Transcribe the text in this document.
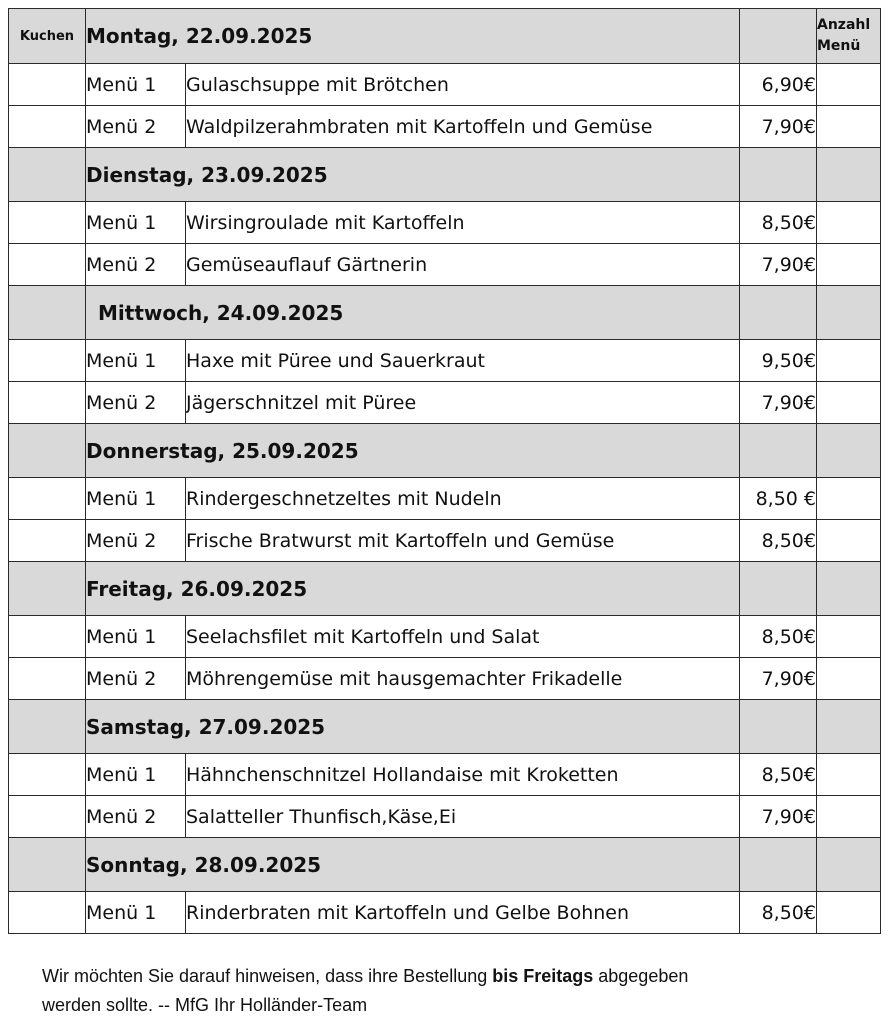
Kuchen	Montag, 22.09.2025			Anzahl
Menü
	Menü 1	Gulaschsuppe mit Brötchen	6,90€	
	Menü 2	Waldpilzerahmbraten mit Kartoffeln und Gemüse	7,90€	
	Dienstag, 23.09.2025			
	Menü 1	Wirsingroulade mit Kartoffeln	8,50€	
	Menü 2	Gemüseauflauf Gärtnerin	7,90€	
	Mittwoch, 24.09.2025			
	Menü 1	Haxe mit Püree und Sauerkraut	9,50€	
	Menü 2	Jägerschnitzel mit Püree	7,90€	
	Donnerstag, 25.09.2025			
	Menü 1	Rindergeschnetzeltes mit Nudeln	8,50 €	
	Menü 2	Frische Bratwurst mit Kartoffeln und Gemüse	8,50€	
	Freitag, 26.09.2025			
	Menü 1	Seelachsfilet mit Kartoffeln und Salat	8,50€	
	Menü 2	Möhrengemüse mit hausgemachter Frikadelle	7,90€	
	Samstag, 27.09.2025			
	Menü 1	Hähnchenschnitzel Hollandaise mit Kroketten	8,50€	
	Menü 2	Salatteller Thunfisch,Käse,Ei	7,90€	
	Sonntag, 28.09.2025			
	Menü 1	Rinderbraten mit Kartoffeln und Gelbe Bohnen	8,50€	
Wir möchten Sie darauf hinweisen, dass ihre Bestellung bis Freitags abgegeben
werden sollte. -- MfG Ihr Holländer-Team
